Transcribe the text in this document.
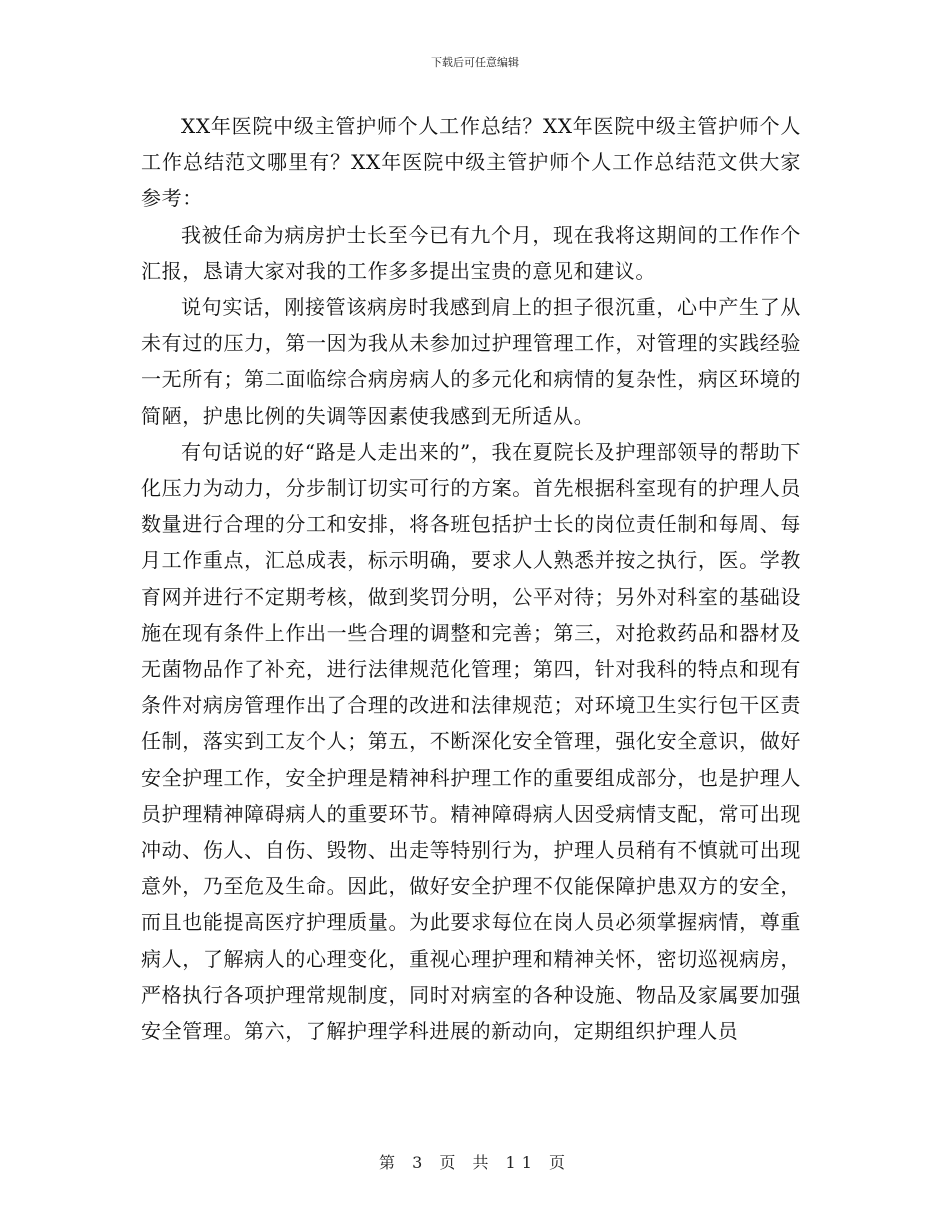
下载后可任意编辑

XX年医院中级主管护师个人工作总结？XX年医院中级主管护师个人工作总结范文哪里有？XX年医院中级主管护师个人工作总结范文供大家参考：

我被任命为病房护士长至今已有九个月，现在我将这期间的工作作个汇报，恳请大家对我的工作多多提出宝贵的意见和建议。

说句实话，刚接管该病房时我感到肩上的担子很沉重，心中产生了从未有过的压力，第一因为我从未参加过护理管理工作，对管理的实践经验一无所有；第二面临综合病房病人的多元化和病情的复杂性，病区环境的简陋，护患比例的失调等因素使我感到无所适从。

有句话说的好“路是人走出来的”，我在夏院长及护理部领导的帮助下化压力为动力，分步制订切实可行的方案。首先根据科室现有的护理人员数量进行合理的分工和安排，将各班包括护士长的岗位责任制和每周、每月工作重点，汇总成表，标示明确，要求人人熟悉并按之执行，医。学教育网并进行不定期考核，做到奖罚分明，公平对待；另外对科室的基础设施在现有条件上作出一些合理的调整和完善；第三，对抢救药品和器材及无菌物品作了补充，进行法律规范化管理；第四，针对我科的特点和现有条件对病房管理作出了合理的改进和法律规范；对环境卫生实行包干区责任制，落实到工友个人；第五，不断深化安全管理，强化安全意识，做好安全护理工作，安全护理是精神科护理工作的重要组成部分，也是护理人员护理精神障碍病人的重要环节。精神障碍病人因受病情支配，常可出现冲动、伤人、自伤、毁物、出走等特别行为，护理人员稍有不慎就可出现意外，乃至危及生命。因此，做好安全护理不仅能保障护患双方的安全，而且也能提高医疗护理质量。为此要求每位在岗人员必须掌握病情，尊重病人，了解病人的心理变化，重视心理护理和精神关怀，密切巡视病房，严格执行各项护理常规制度，同时对病室的各种设施、物品及家属要加强安全管理。第六，了解护理学科进展的新动向，定期组织护理人员

第 3 页 共 11 页
